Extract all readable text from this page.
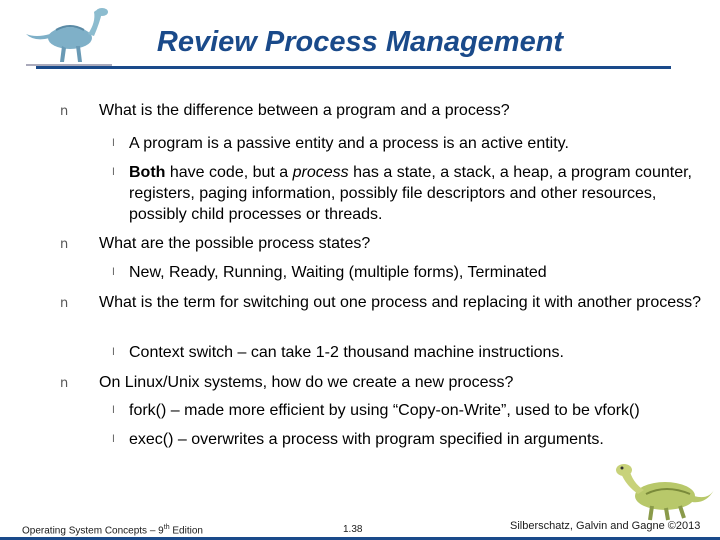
Review Process Management
n What is the difference between a program and a process?
l A program is a passive entity and a process is an active entity.
l Both have code, but a process has a state, a stack, a heap, a program counter, registers, paging information, possibly file descriptors and other resources, possibly child processes or threads.
n What are the possible process states?
l New, Ready, Running, Waiting (multiple forms), Terminated
n What is the term for switching out one process and replacing it with another process?
l Context switch – can take 1-2 thousand machine instructions.
n On Linux/Unix systems, how do we create a new process?
l fork() – made more efficient by using “Copy-on-Write”, used to be vfork()
l exec() – overwrites a process with program specified in arguments.
Operating System Concepts – 9th Edition	1.38	Silberschatz, Galvin and Gagne ©2013
